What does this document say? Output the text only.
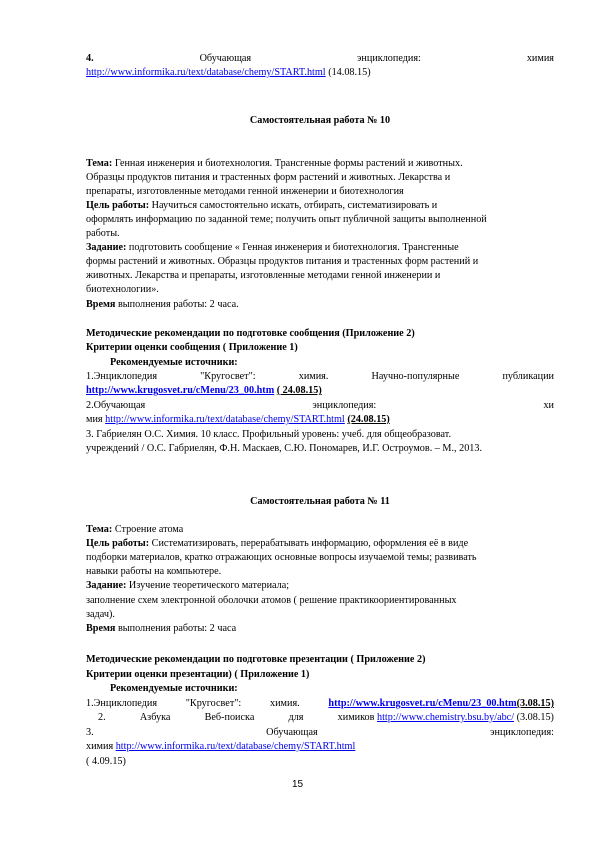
4.	Обучающая	энциклопедия:	химия
http://www.informika.ru/text/database/chemy/START.html (14.08.15)
Самостоятельная работа № 10
Тема: Генная инженерия и биотехнология. Трансгенные формы растений и животных.
Образцы продуктов питания и трастенных форм растений и животных. Лекарства и
препараты, изготовленные методами генной инженерии и биотехнология
Цель работы: Научиться самостоятельно искать, отбирать, систематизировать и
оформлять информацию по заданной теме; получить опыт публичной защиты выполненной
работы.
Задание: подготовить сообщение « Генная инженерия и биотехнология. Трансгенные
формы растений и животных. Образцы продуктов питания и трастенных форм растений и
животных. Лекарства и препараты, изготовленные методами генной инженерии и
биотехнологии».
Время выполнения работы: 2 часа.
Методические рекомендации по подготовке сообщения (Приложение 2)
Критерии оценки сообщения ( Приложение 1)
Рекомендуемые источники:
1.Энциклопедия	"Кругосвет":	химия.	Научно-популярные	публикации
http://www.krugosvet.ru/cMenu/23_00.htm ( 24.08.15)
2.Обучающая	энциклопедия:	хи
мия http://www.informika.ru/text/database/chemy/START.html (24.08.15)
3. Габриелян О.С. Химия. 10 класс. Профильный уровень: учеб. для общеобразоват.
учреждений / О.С. Габриелян, Ф.Н. Маскаев, С.Ю. Пономарев, И.Г. Остроумов. – М., 2013.
Самостоятельная работа № 11
Тема: Строение атома
Цель работы: Систематизировать, перерабатывать информацию, оформления её в виде
подборки материалов, кратко отражающих основные вопросы изучаемой темы; развивать
навыки работы на компьютере.
Задание: Изучение теоретического материала;
заполнение схем электронной оболочки атомов ( решение практикоориентированных
задач).
Время выполнения работы: 2 часа
Методические рекомендации по подготовке презентации ( Приложение 2)
Критерии оценки презентации) ( Приложение 1)
Рекомендуемые источники:
1.Энциклопедия	"Кругосвет":	химия.	http://www.krugosvet.ru/cMenu/23_00.htm(3.08.15)
2.	Азбука	Веб-поиска	для	химиков http://www.chemistry.bsu.by/abc/ (3.08.15)
3.	Обучающая	энциклопедия:
химия http://www.informika.ru/text/database/chemy/START.html
( 4.09.15)
15
